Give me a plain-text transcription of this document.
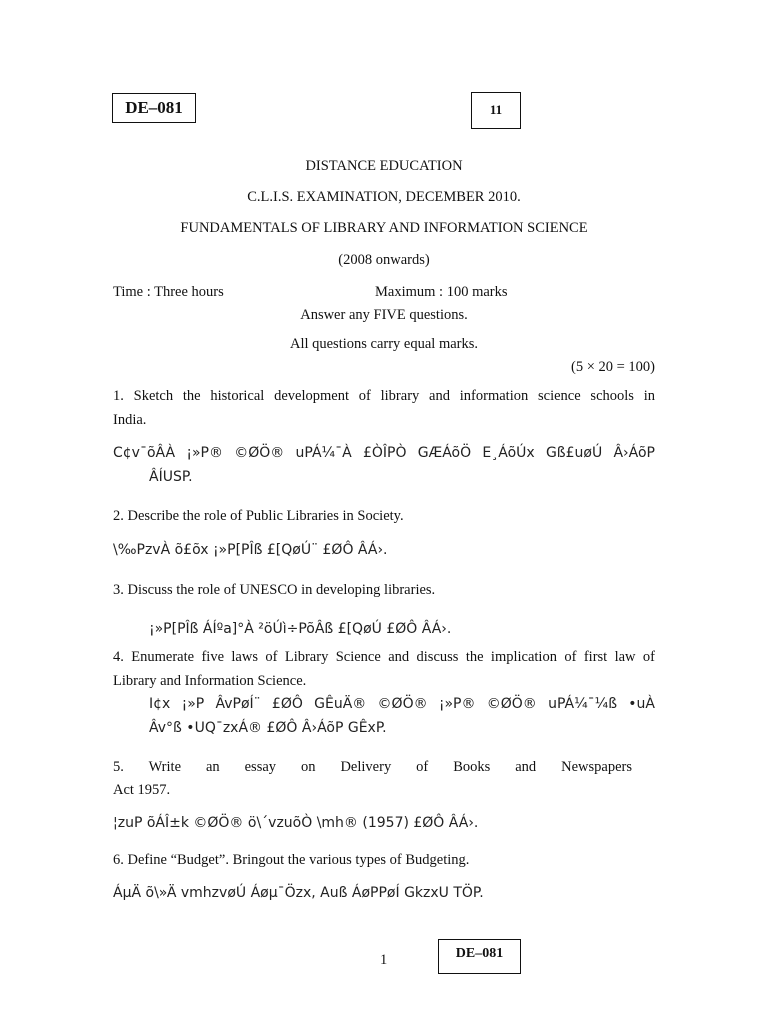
DE–081	11
DISTANCE EDUCATION
C.L.I.S. EXAMINATION, DECEMBER 2010.
FUNDAMENTALS OF LIBRARY AND INFORMATION SCIENCE
(2008 onwards)
Time : Three hours	Maximum : 100 marks
Answer any FIVE questions.
All questions carry equal marks.
(5 × 20 = 100)
1. Sketch the historical development of library and information science schools in
India.
C¢v¯õÂÀ ¡»P® ©ØÖ® uPÁ¼¯À £ÒÎPÒ GÆÁõÖ E¸ÁõÚx Gß£uøÚ Â›ÁõP
ÂÍUSP.
2. Describe the role of Public Libraries in Society.
\‰PzvÀ õ£õx ¡»P[PÎß £[QøÚ¨ £ØÔ ÂÁ›.
3. Discuss the role of UNESCO in developing libraries.
¡»P[PÎß ÁÍºa]°À ²öÚì÷PõÂß £[QøÚ £ØÔ ÂÁ›.
4. Enumerate five laws of Library Science and discuss the implication of first law of
Library and Information Science.
I¢x ¡»P ÂvPøÍ¨ £ØÔ GÊuÄ® ©ØÖ® ¡»P® ©ØÖ® uPÁ¼¯¼ß •uÀ
Âv°ß •UQ¯zxÁ® £ØÔ Â›ÁõP GÊxP.
5. Write an essay on Delivery of Books and Newspapers
Act 1957.
¦zuP õÁÎ±k ©ØÖ® ö\´vzuõÒ \mh® (1957) £ØÔ ÂÁ›.
6. Define “Budget”. Bringout the various types of Budgeting.
ÁµÄ õ\»Ä vmhzvøÚ Áøµ¯Özx, Auß ÁøPPøÍ GkzxU TÖP.
1	DE–081
